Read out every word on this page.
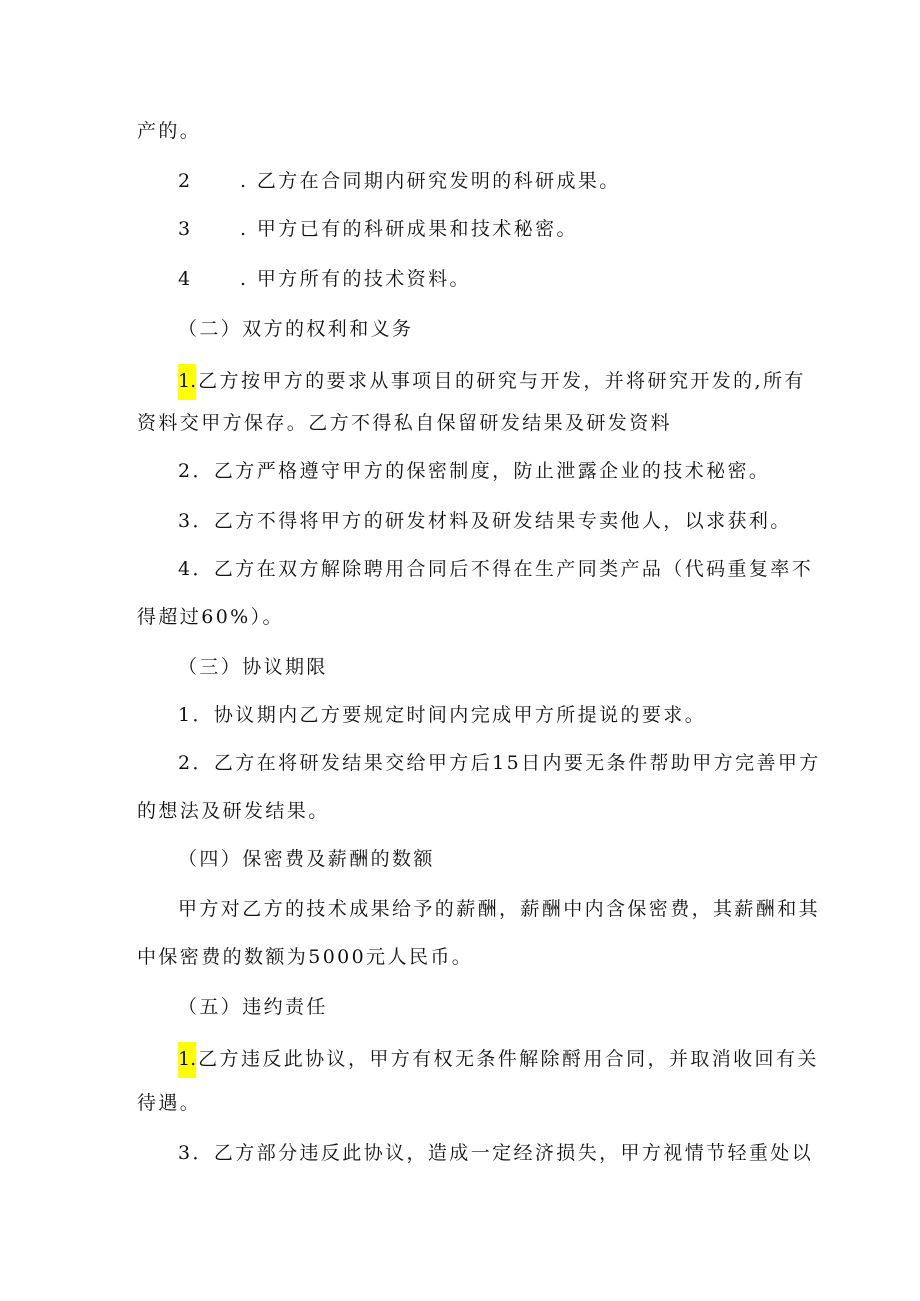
产的。
2	. 乙方在合同期内研究发明的科研成果。
3	. 甲方已有的科研成果和技术秘密。
4	. 甲方所有的技术资料。
（二）双方的权利和义务
1. 乙方按甲方的要求从事项目的研究与开发，并将研究开发的,所有
资料交甲方保存。乙方不得私自保留研发结果及研发资料
2．乙方严格遵守甲方的保密制度，防止泄露企业的技术秘密。
3．乙方不得将甲方的研发材料及研发结果专卖他人，以求获利。
4．乙方在双方解除聘用合同后不得在生产同类产品（代码重复率不
得超过60%）。
（三）协议期限
1．协议期内乙方要规定时间内完成甲方所提说的要求。
2．乙方在将研发结果交给甲方后15日内要无条件帮助甲方完善甲方
的想法及研发结果。
（四）保密费及薪酬的数额
甲方对乙方的技术成果给予的薪酬，薪酬中内含保密费，其薪酬和其
中保密费的数额为5000元人民币。
（五）违约责任
1. 乙方违反此协议，甲方有权无条件解除酹用合同，并取消收回有关
待遇。
3．乙方部分违反此协议，造成一定经济损失，甲方视情节轻重处以
